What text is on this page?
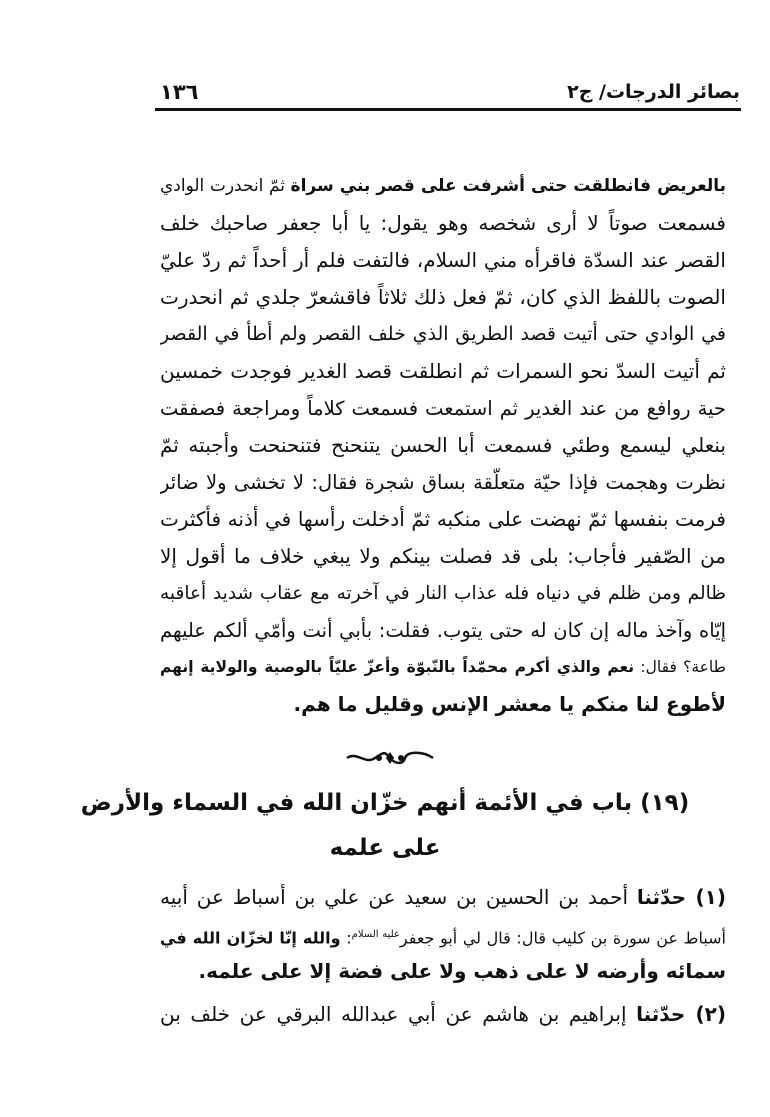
بصائر الدرجات/ ج٢
١٣٦
بالعريض فانطلقت حتى أشرفت على قصر بني سراة ثمّ انحدرت الوادي
فسمعت صوتاً لا أرى شخصه وهو يقول: يا أبا جعفر صاحبك خلف
القصر عند السدّة فاقرأه مني السلام، فالتفت فلم أر أحداً ثم ردّ عليّ
الصوت باللفظ الذي كان، ثمّ فعل ذلك ثلاثاً فاقشعرّ جلدي ثم انحدرت
في الوادي حتى أتيت قصد الطريق الذي خلف القصر ولم أطأ في القصر
ثم أتيت السدّ نحو السمرات ثم انطلقت قصد الغدير فوجدت خمسين
حية روافع من عند الغدير ثم استمعت فسمعت كلاماً ومراجعة فصفقت
بنعلي ليسمع وطئي فسمعت أبا الحسن يتنحنح فتنحنحت وأجبته ثمّ
نظرت وهجمت فإذا حيّة متعلّقة بساق شجرة فقال: لا تخشى ولا ضائر
فرمت بنفسها ثمّ نهضت على منكبه ثمّ أدخلت رأسها في أذنه فأكثرت
من الصّفير فأجاب: بلى قد فصلت بينكم ولا يبغي خلاف ما أقول إلا
ظالم ومن ظلم في دنياه فله عذاب النار في آخرته مع عقاب شديد أعاقبه
إيّاه وآخذ ماله إن كان له حتى يتوب. فقلت: بأبي أنت وأمّي ألكم عليهم
طاعة؟ فقال: نعم والذي أكرم محمّداً بالنّبوّة وأعزّ عليّاً بالوصية والولاية إنهم
لأطوع لنا منكم يا معشر الإنس وقليل ما هم.
(١٩) باب في الأئمة أنهم خزّان الله في السماء والأرض
على علمه
(١) حدّثنا أحمد بن الحسين بن سعيد عن علي بن أسباط عن أبيه
أسباط عن سورة بن كليب قال: قال لي أبو جعفر$^{عليه السلام}$: والله إنّا لخزّان الله في
سمائه وأرضه لا على ذهب ولا على فضة إلا على علمه.
(٢) حدّثنا إبراهيم بن هاشم عن أبي عبدالله البرقي عن خلف بن
